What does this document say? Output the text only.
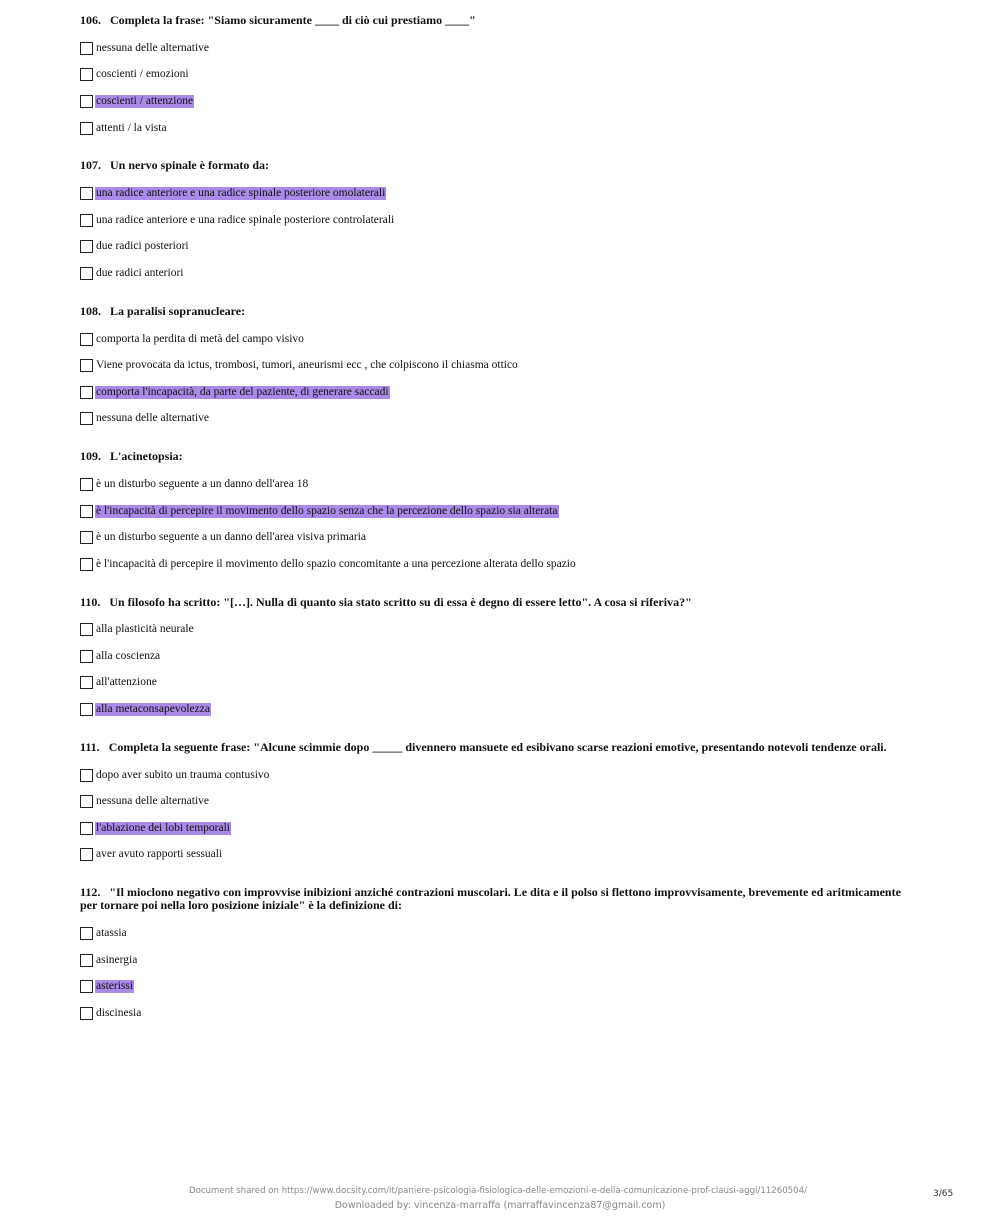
106. Completa la frase: "Siamo sicuramente ____ di ciò cui prestiamo ____"
nessuna delle alternative
coscienti / emozioni
coscienti / attenzione
attenti / la vista
107. Un nervo spinale è formato da:
una radice anteriore e una radice spinale posteriore omolaterali
una radice anteriore e una radice spinale posteriore controlaterali
due radici posteriori
due radici anteriori
108. La paralisi sopranucleare:
comporta la perdita di metà del campo visivo
Viene provocata da ictus, trombosi, tumori, aneurismi ecc , che colpiscono il chiasma ottico
comporta l'incapacità, da parte del paziente, di generare saccadi
nessuna delle alternative
109. L'acinetopsia:
è un disturbo seguente a un danno dell'area 18
è l'incapacità di percepire il movimento dello spazio senza che la percezione dello spazio sia alterata
è un disturbo seguente a un danno dell'area visiva primaria
è l'incapacità di percepire il movimento dello spazio concomitante a una percezione alterata dello spazio
110. Un filosofo ha scritto: "[…]. Nulla di quanto sia stato scritto su di essa è degno di essere letto". A cosa si riferiva?"
alla plasticità neurale
alla coscienza
all'attenzione
alla metaconsapevolezza
111. Completa la seguente frase: "Alcune scimmie dopo _____ divennero mansuete ed esibivano scarse reazioni emotive, presentando notevoli tendenze orali.
dopo aver subito un trauma contusivo
nessuna delle alternative
l'ablazione dei lobi temporali
aver avuto rapporti sessuali
112. "Il mioclono negativo con improvvise inibizioni anziché contrazioni muscolari. Le dita e il polso si flettono improvvisamente, brevemente ed aritmicamente per tornare poi nella loro posizione iniziale" è la definizione di:
atassia
asinergia
asterissi
discinesia
Document shared on https://www.docsity.com/it/paniere-psicologia-fisiologica-delle-emozioni-e-della-comunicazione-prof-clausi-aggi/11260504/
Downloaded by: vincenza-marraffa (marraffavincenza87@gmail.com)
3/65
